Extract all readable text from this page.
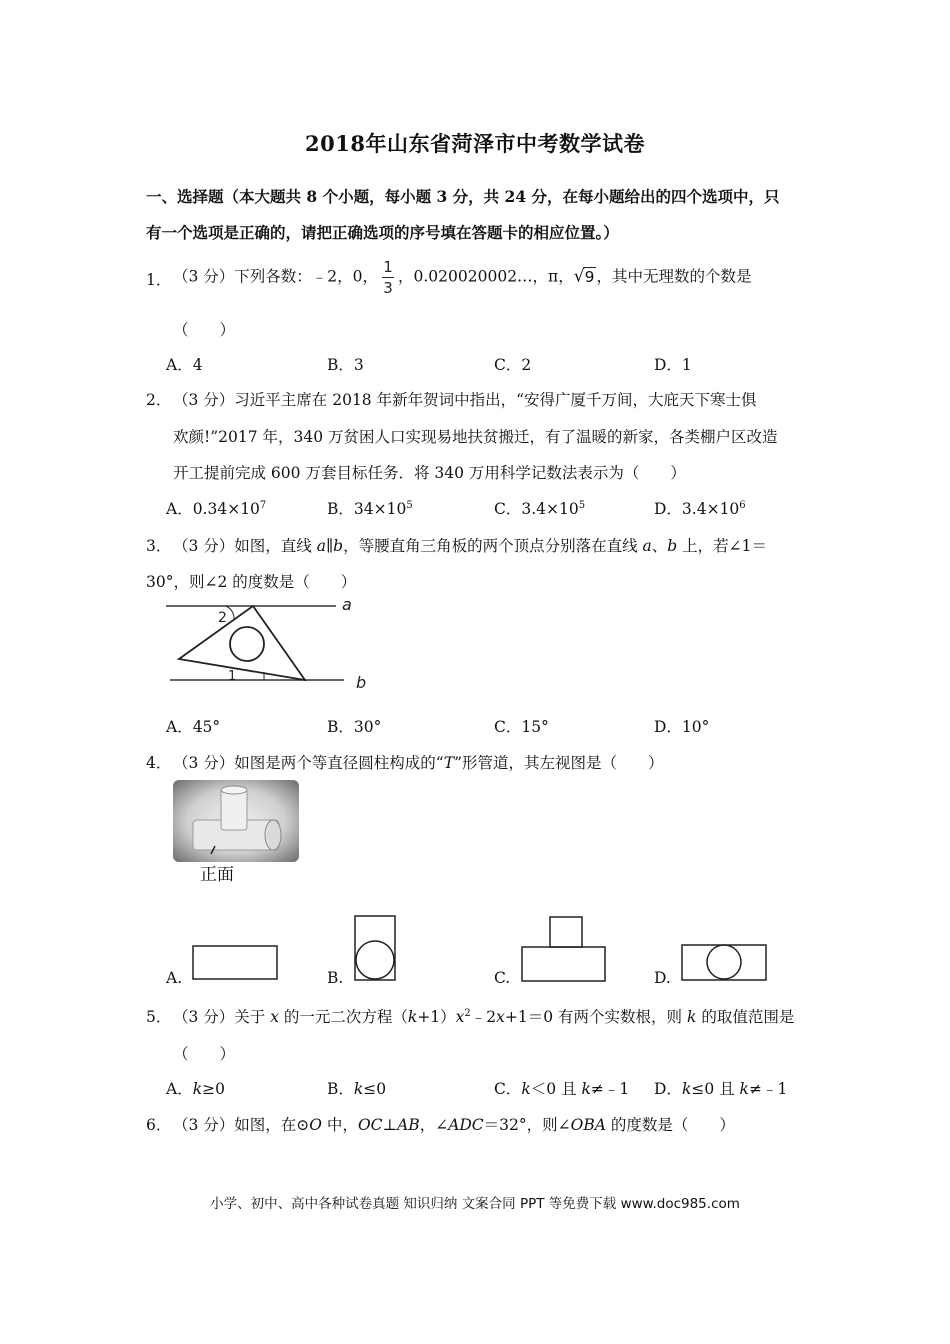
2018年山东省菏泽市中考数学试卷
一、选择题（本大题共 8 个小题，每小题 3 分，共 24 分，在每小题给出的四个选项中，只
有一个选项是正确的，请把正确选项的序号填在答题卡的相应位置。）
1． （3 分）下列各数：﹣2，0， $\frac{1}{3}$ ，0.020020002…，π，√9 ，其中无理数的个数是
（　　）
A．4	B．3	C．2	D．1
2． （3 分）习近平主席在 2018 年新年贺词中指出，“安得广厦千万间，大庇天下寒士俱
欢颜!”2017 年，340 万贫困人口实现易地扶贫搬迁，有了温暖的新家，各类棚户区改造
开工提前完成 600 万套目标任务．将 340 万用科学记数法表示为（　　）
A．$0.34\times 10^7$	B．$34\times 10^5$	C．$3.4\times 10^5$	D．$3.4\times 10^6$
3． （3 分）如图，直线 a∥b，等腰直角三角板的两个顶点分别落在直线 a、b 上，若∠1＝
30°，则∠2 的度数是（　　）
2
1
a
b
A．45°	B．30°	C．15°	D．10°
4． （3 分）如图是两个等直径圆柱构成的“T”形管道，其左视图是（　　）
正面
A.	B.	C.	D.
5． （3 分）关于 x 的一元二次方程$(k+1)x^2﹣2x+1=0$ 有两个实数根，则 k 的取值范围是
（　　）
A．k≥0	B．k≤0	C．k＜0 且 k≠﹣1 D．k≤0 且 k≠﹣1
6． （3 分）如图，在⊙O 中，OC⊥AB，∠ADC＝32°，则∠OBA 的度数是（　　）
小学、初中、高中各种试卷真题 知识归纳 文案合同 PPT 等免费下载 www.doc985.com
